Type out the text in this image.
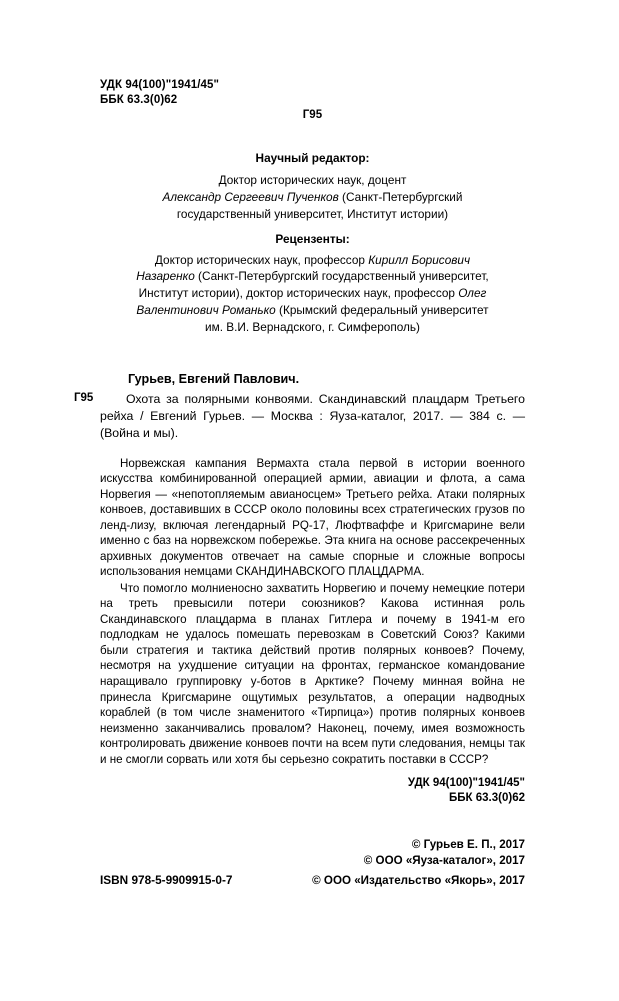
УДК 94(100)"1941/45"
ББК 63.3(0)62
Г95
Научный редактор:
Доктор исторических наук, доцент
Александр Сергеевич Пученков (Санкт-Петербургский
государственный университет, Институт истории)
Рецензенты:
Доктор исторических наук, профессор Кирилл Борисович
Назаренко (Санкт-Петербургский государственный университет,
Институт истории), доктор исторических наук, профессор Олег
Валентинович Романько (Крымский федеральный университет
им. В.И. Вернадского, г. Симферополь)
Г95
Гурьев, Евгений Павлович.
Охота за полярными конвоями. Скандинавский плацдарм Третьего рейха / Евгений Гурьев. — Москва : Яуза-каталог, 2017. — 384 с. — (Война и мы).

Норвежская кампания Вермахта стала первой в истории военного искусства комбинированной операцией армии, авиации и флота, а сама Норвегия — «непотопляемым авианосцем» Третьего рейха. Атаки полярных конвоев, доставивших в СССР около половины всех стратегических грузов по ленд-лизу, включая легендарный PQ-17, Люфтваффе и Кригсмарине вели именно с баз на норвежском побережье. Эта книга на основе рассекреченных архивных документов отвечает на самые спорные и сложные вопросы использования немцами СКАНДИНАВСКОГО ПЛАЦДАРМА.

Что помогло молниеносно захватить Норвегию и почему немецкие потери на треть превысили потери союзников? Какова истинная роль Скандинавского плацдарма в планах Гитлера и почему в 1941-м его подлодкам не удалось помешать перевозкам в Советский Союз? Какими были стратегия и тактика действий против полярных конвоев? Почему, несмотря на ухудшение ситуации на фронтах, германское командование наращивало группировку у-ботов в Арктике? Почему минная война не принесла Кригсмарине ощутимых результатов, а операции надводных кораблей (в том числе знаменитого «Тирпица») против полярных конвоев неизменно заканчивались провалом? Наконец, почему, имея возможность контролировать движение конвоев почти на всем пути следования, немцы так и не смогли сорвать или хотя бы серьезно сократить поставки в СССР?

УДК 94(100)"1941/45"
ББК 63.3(0)62
© Гурьев Е. П., 2017
© ООО «Яуза-каталог», 2017
ISBN 978-5-9909915-0-7	© ООО «Издательство «Якорь», 2017
